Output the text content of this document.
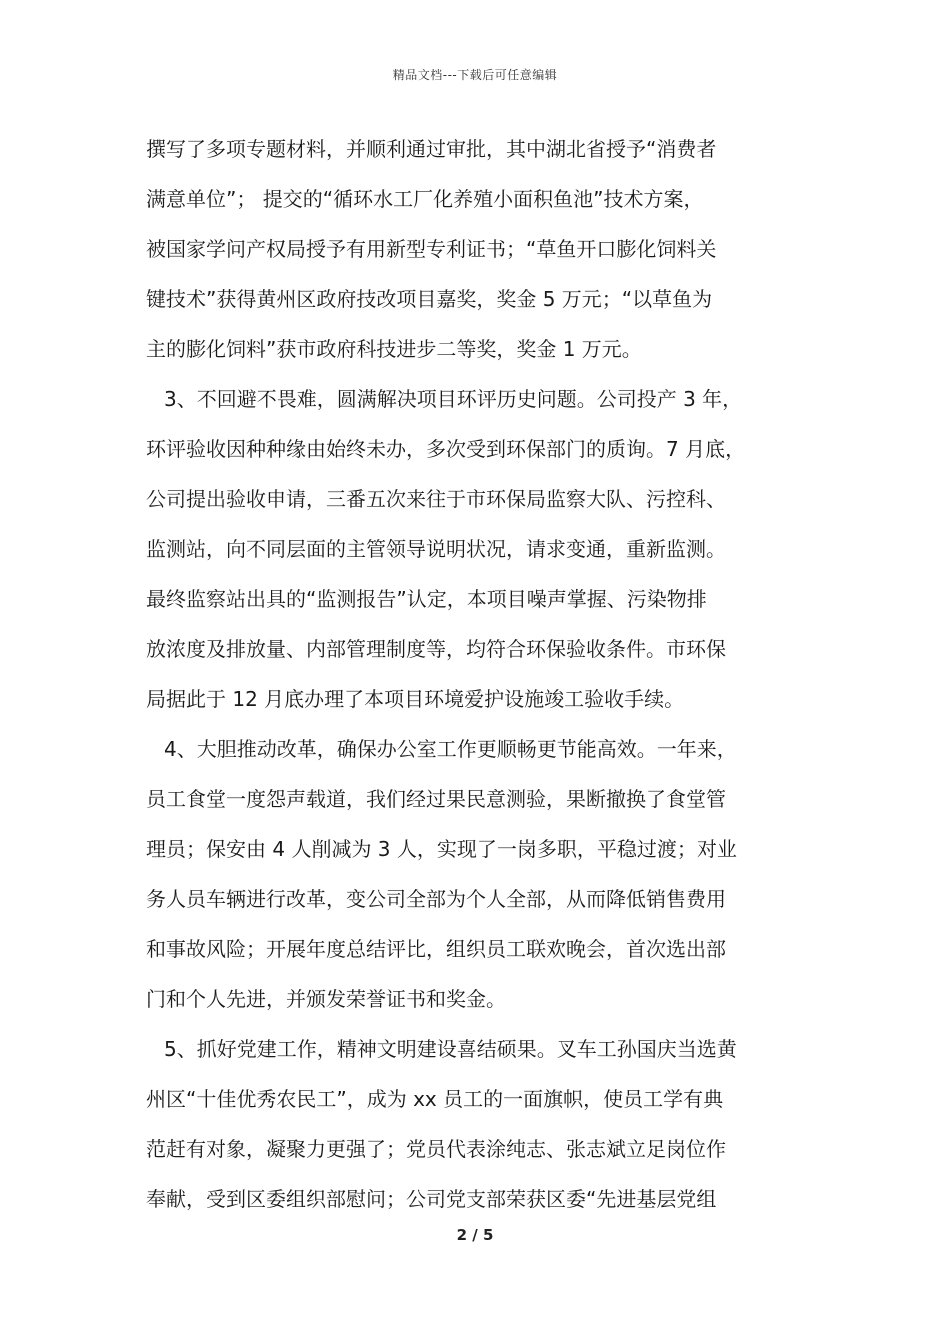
精品文档---下载后可任意编辑
撰写了多项专题材料，并顺利通过审批，其中湖北省授予“消费者
满意单位”； 提交的“循环水工厂化养殖小面积鱼池”技术方案，
被国家学问产权局授予有用新型专利证书；“草鱼开口膨化饲料关
键技术”获得黄州区政府技改项目嘉奖，奖金 5 万元；“以草鱼为
主的膨化饲料”获市政府科技进步二等奖，奖金 1 万元。
3、不回避不畏难，圆满解决项目环评历史问题。公司投产 3 年，
环评验收因种种缘由始终未办，多次受到环保部门的质询。7 月底，
公司提出验收申请，三番五次来往于市环保局监察大队、污控科、
监测站，向不同层面的主管领导说明状况，请求变通，重新监测。
最终监察站出具的“监测报告”认定，本项目噪声掌握、污染物排
放浓度及排放量、内部管理制度等，均符合环保验收条件。市环保
局据此于 12 月底办理了本项目环境爱护设施竣工验收手续。
4、大胆推动改革，确保办公室工作更顺畅更节能高效。一年来，
员工食堂一度怨声载道，我们经过果民意测验，果断撤换了食堂管
理员；保安由 4 人削减为 3 人，实现了一岗多职，平稳过渡；对业
务人员车辆进行改革，变公司全部为个人全部，从而降低销售费用
和事故风险；开展年度总结评比，组织员工联欢晚会，首次选出部
门和个人先进，并颁发荣誉证书和奖金。
5、抓好党建工作，精神文明建设喜结硕果。叉车工孙国庆当选黄
州区“十佳优秀农民工”，成为 xx 员工的一面旗帜，使员工学有典
范赶有对象，凝聚力更强了；党员代表涂纯志、张志斌立足岗位作
奉献，受到区委组织部慰问；公司党支部荣获区委“先进基层党组
2 / 5
